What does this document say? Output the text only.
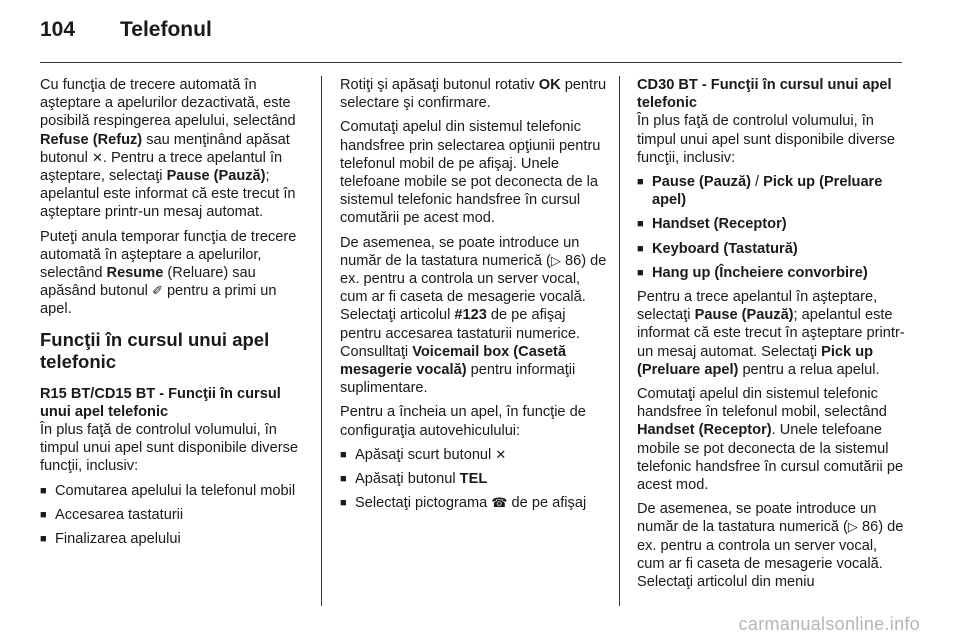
104	Telefonul

Cu funcţia de trecere automată în aşteptare a apelurilor dezactivată, este posibilă respingerea apelului, selectând Refuse (Refuz) sau menţinând apăsat butonul ✕. Pentru a trece apelantul în aşteptare, selectaţi Pause (Pauză); apelantul este informat că este trecut în aşteptare printr-un mesaj automat.

Puteţi anula temporar funcţia de trecere automată în aşteptare a apelurilor, selectând Resume (Reluare) sau apăsând butonul ✐ pentru a primi un apel.

Funcţii în cursul unui apel telefonic
R15 BT/CD15 BT - Funcţii în cursul unui apel telefonic

În plus faţă de controlul volumului, în timpul unui apel sunt disponibile diverse funcţii, inclusiv:

■ Comutarea apelului la telefonul mobil
■ Accesarea tastaturii
■ Finalizarea apelului

Rotiţi şi apăsaţi butonul rotativ OK pentru selectare şi confirmare.

Comutaţi apelul din sistemul telefonic handsfree prin selectarea opţiunii pentru telefonul mobil de pe afişaj. Unele telefoane mobile se pot deconecta de la sistemul telefonic handsfree în cursul comutării pe acest mod.

De asemenea, se poate introduce un număr de la tastatura numerică (▷ 86) de ex. pentru a controla un server vocal, cum ar fi caseta de mesagerie vocală. Selectaţi articolul #123 de pe afişaj pentru accesarea tastaturii numerice. Consulltaţi Voicemail box (Casetă mesagerie vocală) pentru informaţii suplimentare.

Pentru a încheia un apel, în funcţie de configuraţia autovehiculului:

■ Apăsaţi scurt butonul ✕
■ Apăsaţi butonul TEL
■ Selectaţi pictograma ☎ de pe afişaj
CD30 BT - Funcţii în cursul unui apel telefonic

În plus faţă de controlul volumului, în timpul unui apel sunt disponibile diverse funcţii, inclusiv:

■ Pause (Pauză) / Pick up (Preluare apel)
■ Handset (Receptor)
■ Keyboard (Tastatură)
■ Hang up (Încheiere convorbire)

Pentru a trece apelantul în aşteptare, selectaţi Pause (Pauză); apelantul este informat că este trecut în aşteptare printr-un mesaj automat. Selectaţi Pick up (Preluare apel) pentru a relua apelul.

Comutaţi apelul din sistemul telefonic handsfree în telefonul mobil, selectând Handset (Receptor). Unele telefoane mobile se pot deconecta de la sistemul telefonic handsfree în cursul comutării pe acest mod.

De asemenea, se poate introduce un număr de la tastatura numerică (▷ 86) de ex. pentru a controla un server vocal, cum ar fi caseta de mesagerie vocală. Selectaţi articolul din meniu

carmanualsonline.info
